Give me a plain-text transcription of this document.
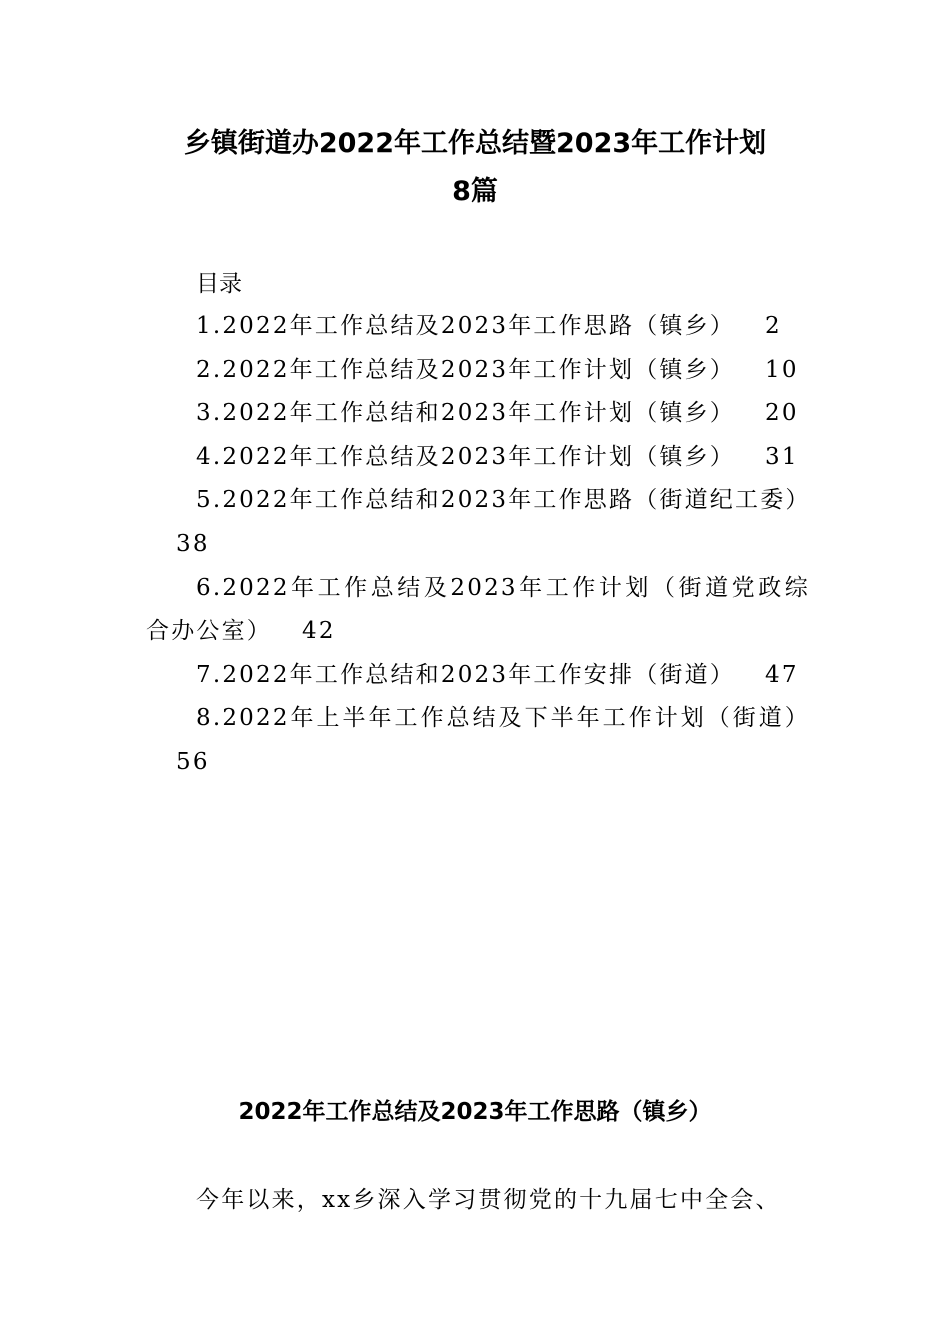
乡镇街道办2022年工作总结暨2023年工作计划
8篇

目录

1.2022年工作总结及2023年工作思路（镇乡） 2
2.2022年工作总结及2023年工作计划（镇乡） 10
3.2022年工作总结和2023年工作计划（镇乡） 20
4.2022年工作总结及2023年工作计划（镇乡） 31
5.2022年工作总结和2023年工作思路（街道纪工委）38
6.2022年工作总结及2023年工作计划（街道党政综合办公室） 42
7.2022年工作总结和2023年工作安排（街道） 47
8.2022年上半年工作总结及下半年工作计划（街道）56
2022年工作总结及2023年工作思路（镇乡）

今年以来，xx乡深入学习贯彻党的十九届七中全会、
